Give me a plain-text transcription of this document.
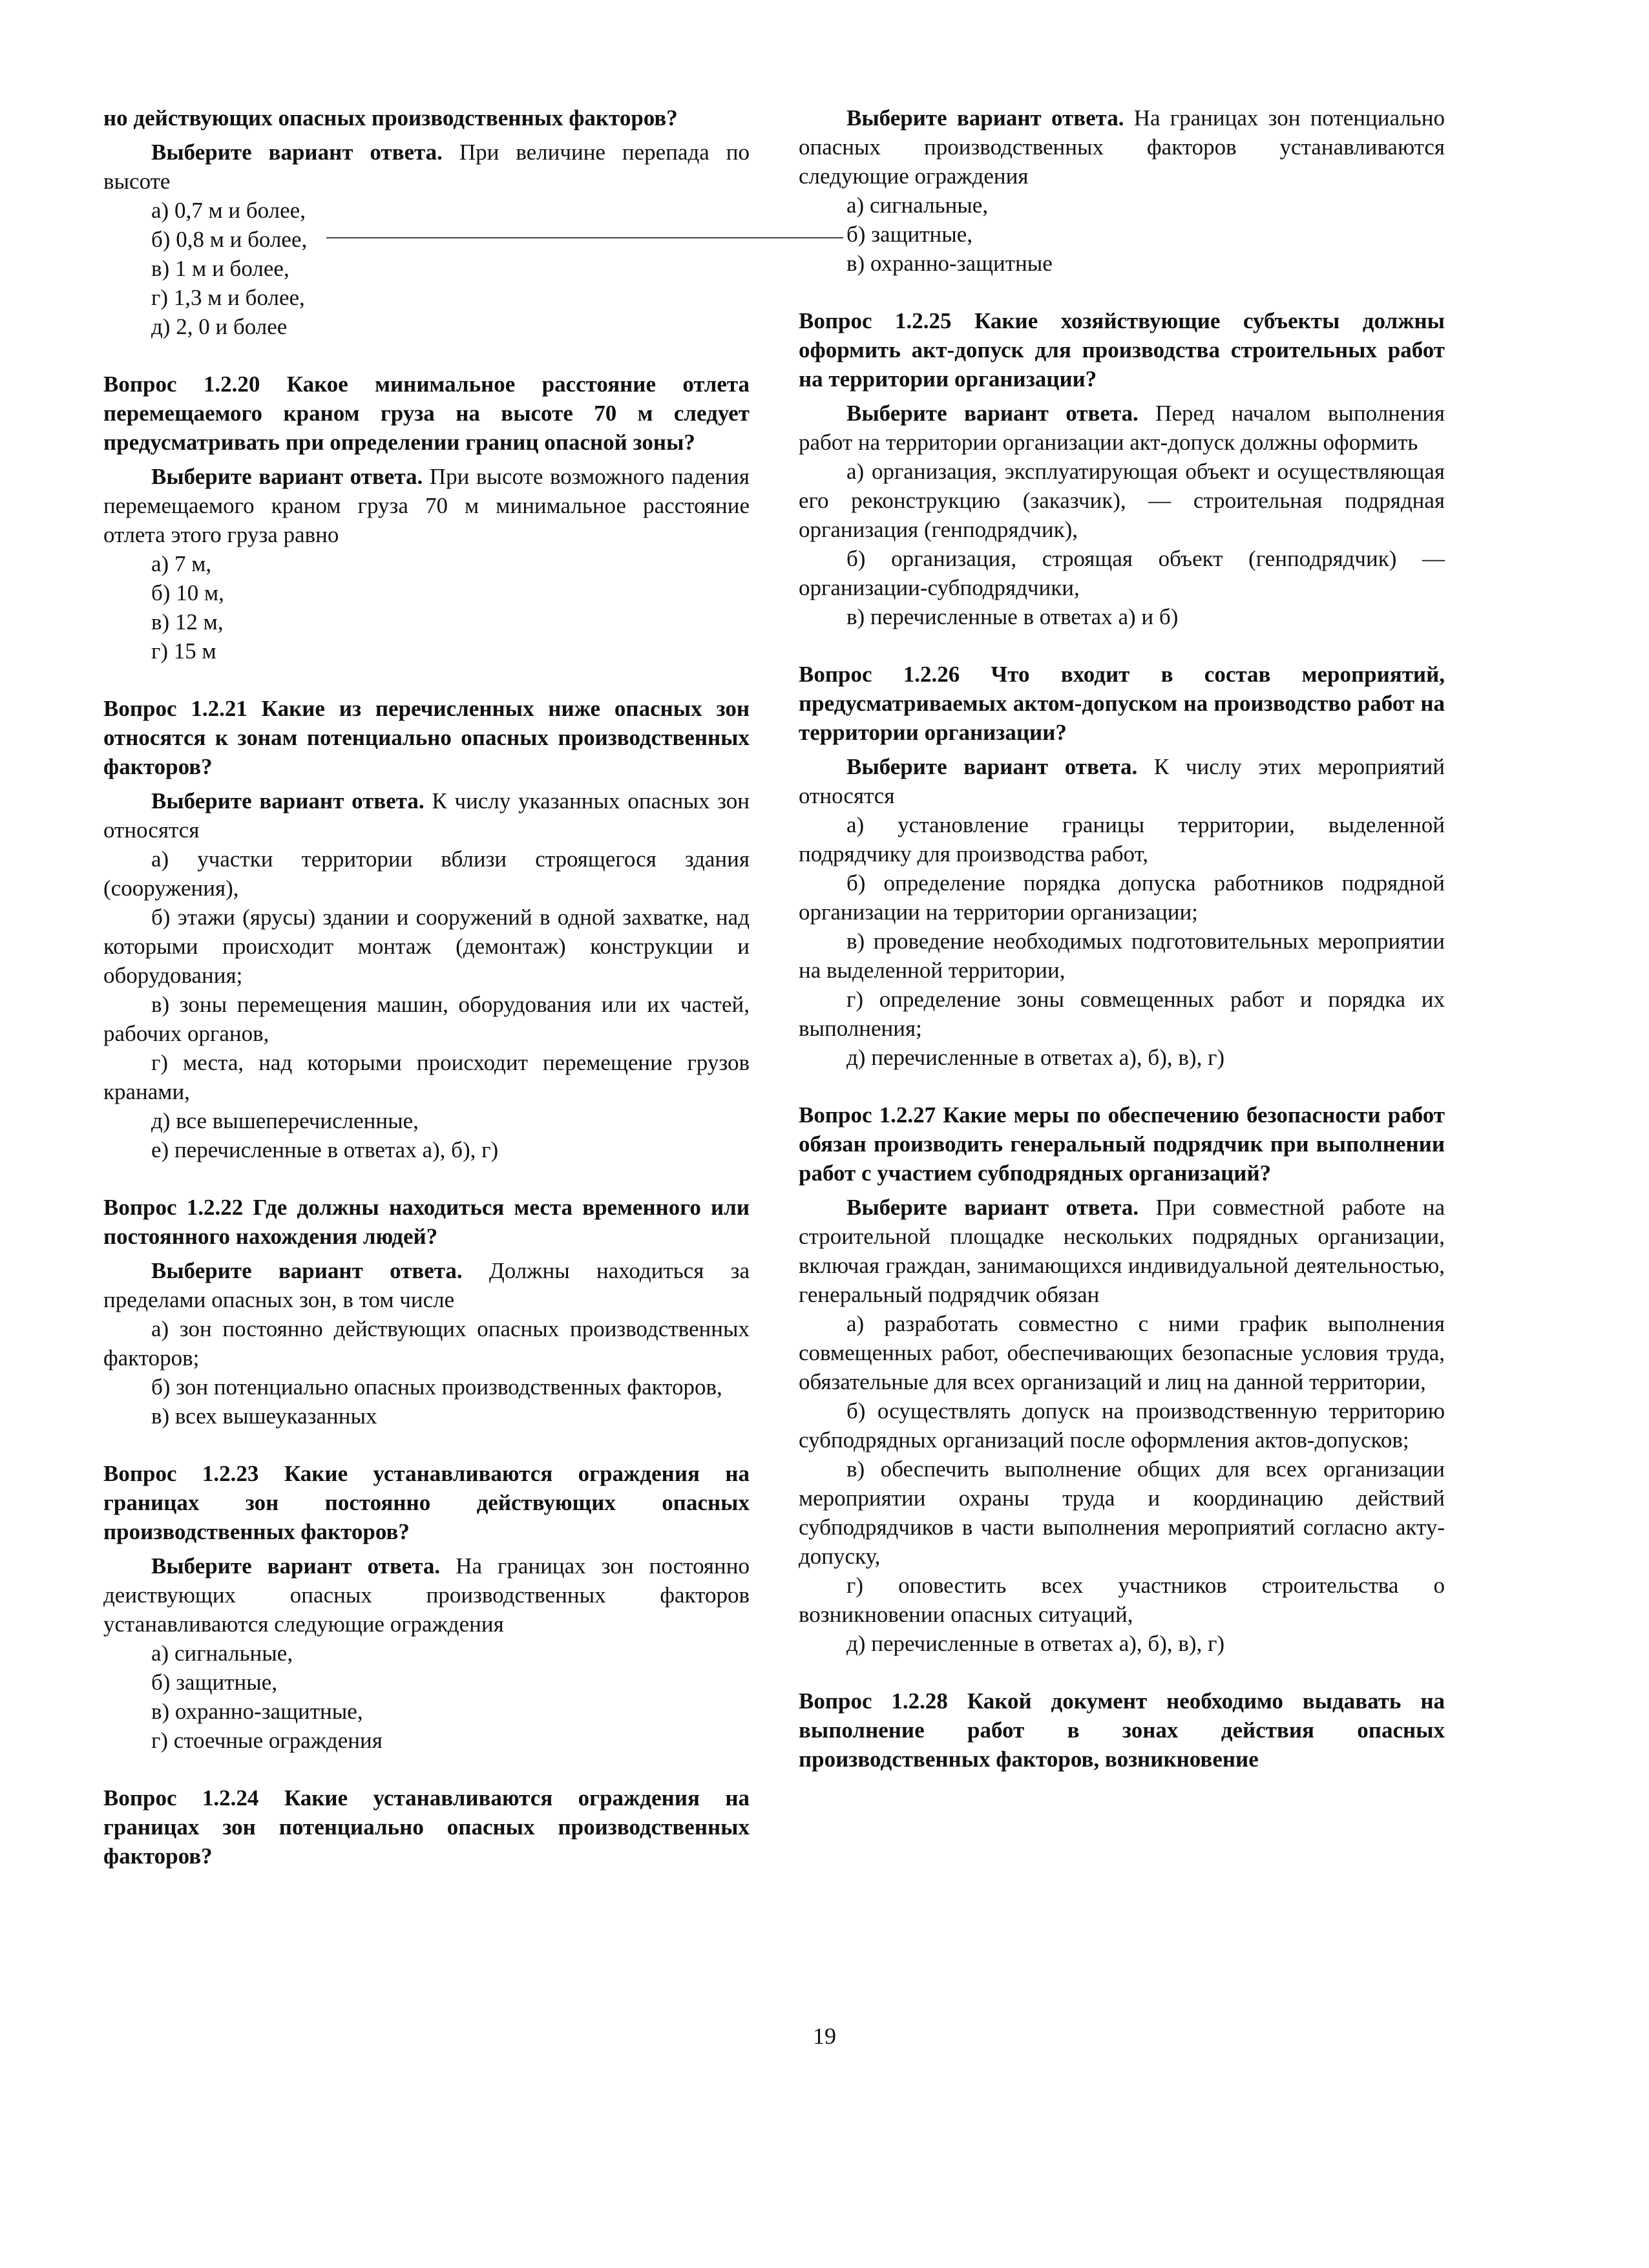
но действующих опасных производственных факторов?

Выберите вариант ответа. При величине перепада по высоте

а) 0,7 м и более,

б) 0,8 м и более,

в) 1 м и более,

г) 1,3 м и более,

д) 2, 0 и более

Вопрос 1.2.20 Какое минимальное расстояние отлета перемещаемого краном груза на высоте 70 м следует предусматривать при определении границ опасной зоны?

Выберите вариант ответа. При высоте возможного падения перемещаемого краном груза 70 м минимальное расстояние отлета этого груза равно

а) 7 м,

б) 10 м,

в) 12 м,

г) 15 м

Вопрос 1.2.21 Какие из перечисленных ниже опасных зон относятся к зонам потенциально опасных производственных факторов?

Выберите вариант ответа. К числу указанных опасных зон относятся

а) участки территории вблизи строящегося здания (сооружения),

б) этажи (ярусы) здании и сооружений в одной захватке, над которыми происходит монтаж (демонтаж) конструкции и оборудования;

в) зоны перемещения машин, оборудования или их частей, рабочих органов,

г) места, над которыми происходит перемещение грузов кранами,

д) все вышеперечисленные,

е) перечисленные в ответах а), б), г)

Вопрос 1.2.22 Где должны находиться места временного или постоянного нахождения людей?

Выберите вариант ответа. Должны находиться за пределами опасных зон, в том числе

а) зон постоянно действующих опасных производственных факторов;

б) зон потенциально опасных производственных факторов,

в) всех вышеуказанных

Вопрос 1.2.23 Какие устанавливаются ограждения на границах зон постоянно действующих опасных производственных факторов?

Выберите вариант ответа. На границах зон постоянно деиствующих опасных производственных факторов устанавливаются следующие ограждения

а) сигнальные,

б) защитные,

в) охранно-защитные,

г) стоечные ограждения

Вопрос 1.2.24 Какие устанавливаются ограждения на границах зон потенциально опасных производственных факторов?

Выберите вариант ответа. На границах зон потенциально опасных производственных факторов устанавливаются следующие ограждения

а) сигнальные,

б) защитные,

в) охранно-защитные

Вопрос 1.2.25 Какие хозяйствующие субъекты должны оформить акт-допуск для производства строительных работ на территории организации?

Выберите вариант ответа. Перед началом выполнения работ на территории организации акт-допуск должны оформить

а) организация, эксплуатирующая объект и осуществляющая его реконструкцию (заказчик), — строительная подрядная организация (генподрядчик),

б) организация, строящая объект (генподрядчик) — организации-субподрядчики,

в) перечисленные в ответах а) и б)

Вопрос 1.2.26 Что входит в состав мероприятий, предусматриваемых актом-допуском на производство работ на территории организации?

Выберите вариант ответа. К числу этих мероприятий относятся

а) установление границы территории, выделенной подрядчику для производства работ,

б) определение порядка допуска работников подрядной организации на территории организации;

в) проведение необходимых подготовительных мероприятии на выделенной территории,

г) определение зоны совмещенных работ и порядка их выполнения;

д) перечисленные в ответах а), б), в), г)

Вопрос 1.2.27 Какие меры по обеспечению безопасности работ обязан производить генеральный подрядчик при выполнении работ с участием субподрядных организаций?

Выберите вариант ответа. При совместной работе на строительной площадке нескольких подрядных организации, включая граждан, занимающихся индивидуальной деятельностью, генеральный подрядчик обязан

а) разработать совместно с ними график выполнения совмещенных работ, обеспечивающих безопасные условия труда, обязательные для всех организаций и лиц на данной территории,

б) осуществлять допуск на производственную территорию субподрядных организаций после оформления актов-допусков;

в) обеспечить выполнение общих для всех организации мероприятии охраны труда и координацию действий субподрядчиков в части выполнения мероприятий согласно акту-допуску,

г) оповестить всех участников строительства о возникновении опасных ситуаций,

д) перечисленные в ответах а), б), в), г)

Вопрос 1.2.28 Какой документ необходимо выдавать на выполнение работ в зонах действия опасных производственных факторов, возникновение

19
